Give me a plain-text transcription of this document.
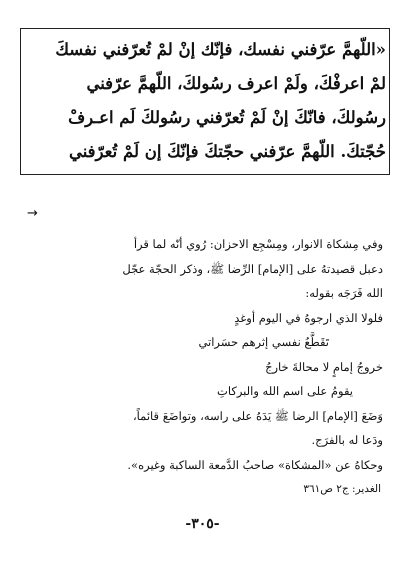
«اللّهمَّ عرّفني نفسك، فإنّك إنْ لمْ تُعرّفني نفسكَ
لمْ اعرفْكَ، ولَمْ اعرف رسُولكَ، اللّهمَّ عرّفني
رسُولكَ، فانّكَ إنْ لَمْ تُعرّفني رسُولكَ لَم اعـرفْ
حُجّتكَ. اللّهمَّ عرّفني حجّتكَ فإنّكَ إن لَمْ تُعرّفني
→
وفي مِشكاة الانوار، ومِسْجِع الاحزان: رُوي أنّه لما قرأ
دعبل قصيدتهُ على [الإمام] الرِّضا ﷺ، وذكر الحجّة عجّل
الله فَرَجَه بقوله:
فلولا الذي ارجوهُ في اليوم أوغدٍ
تَقَطَّعُ نفسي إثرهم حسَراتي
خروجُ إمامٍ لا محالةَ خارجُ
يقومُ على اسم الله والبركاتِ
وَضَعَ [الإمام] الرضا ﷺ يَدَهُ على راسه، وتواضَعَ قائماً،
ودَعا له بالفرَج.
وحكاهُ عن «المشكاة» صاحبُ الدَّمعة الساكبة وغيره».
الغدير: ج٢ ص٣٦١
-٣٠٥-
